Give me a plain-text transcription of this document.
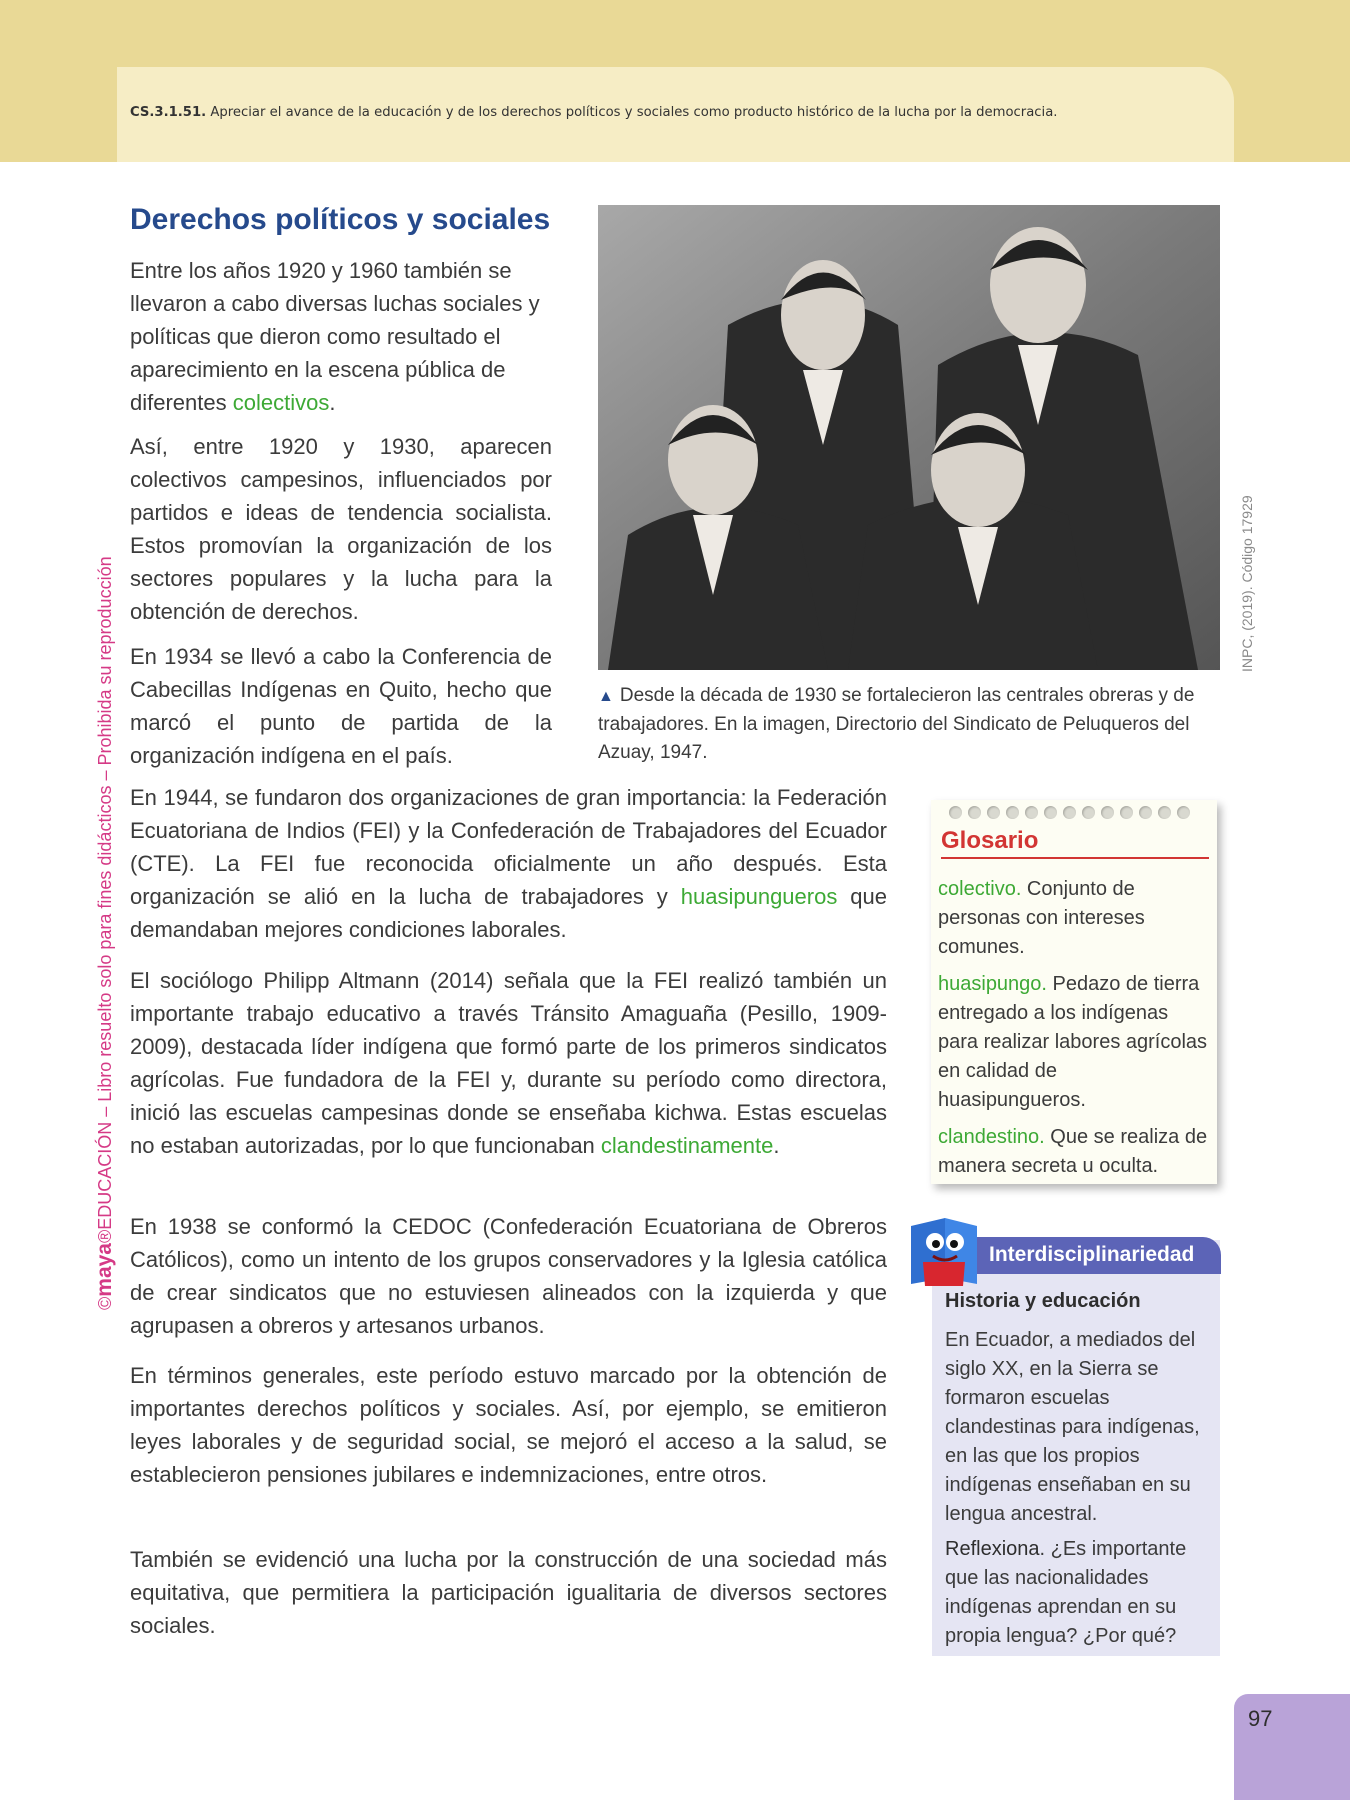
CS.3.1.51. Apreciar el avance de la educación y de los derechos políticos y sociales como producto histórico de la lucha por la democracia.
©maya®EDUCACIÓN – Libro resuelto solo para fines didácticos – Prohibida su reproducción
Derechos políticos y sociales

Entre los años 1920 y 1960 también se llevaron a cabo diversas luchas sociales y políticas que dieron como resultado el aparecimiento en la escena pública de diferentes colectivos.

Así, entre 1920 y 1930, aparecen colectivos campesinos, influenciados por partidos e ideas de tendencia socialista. Estos promovían la organización de los sectores populares y la lucha para la obtención de derechos.

En 1934 se llevó a cabo la Conferencia de Cabecillas Indígenas en Quito, hecho que marcó el punto de partida de la organización indígena en el país.

En 1944, se fundaron dos organizaciones de gran importancia: la Federación Ecuatoriana de Indios (FEI) y la Confederación de Trabajadores del Ecuador (CTE). La FEI fue reconocida oficialmente un año después. Esta organización se alió en la lucha de trabajadores y huasipungueros que demandaban mejores condiciones laborales.

El sociólogo Philipp Altmann (2014) señala que la FEI realizó también un importante trabajo educativo a través Tránsito Amaguaña (Pesillo, 1909-2009), destacada líder indígena que formó parte de los primeros sindicatos agrícolas. Fue fundadora de la FEI y, durante su período como directora, inició las escuelas campesinas donde se enseñaba kichwa. Estas escuelas no estaban autorizadas, por lo que funcionaban clandestinamente.

En 1938 se conformó la CEDOC (Confederación Ecuatoriana de Obreros Católicos), como un intento de los grupos conservadores y la Iglesia católica de crear sindicatos que no estuviesen alineados con la izquierda y que agrupasen a obreros y artesanos urbanos.

En términos generales, este período estuvo marcado por la obtención de importantes derechos políticos y sociales. Así, por ejemplo, se emitieron leyes laborales y de seguridad social, se mejoró el acceso a la salud, se establecieron pensiones jubilares e indemnizaciones, entre otros.

También se evidenció una lucha por la construcción de una sociedad más equitativa, que permitiera la participación igualitaria de diversos sectores sociales.

INPC, (2019). Código 17929

▲ Desde la década de 1930 se fortalecieron las centrales obreras y de trabajadores. En la imagen, Directorio del Sindicato de Peluqueros del Azuay, 1947.

Glosario

colectivo. Conjunto de personas con intereses comunes.

huasipungo. Pedazo de tierra entregado a los indígenas para realizar labores agrícolas en calidad de huasipungueros.

clandestino. Que se realiza de manera secreta u oculta.

Interdisciplinariedad
Historia y educación

En Ecuador, a mediados del siglo XX, en la Sierra se formaron escuelas clandestinas para indígenas, en las que los propios indígenas enseñaban en su lengua ancestral.

Reflexiona. ¿Es importante que las nacionalidades indígenas aprendan en su propia lengua? ¿Por qué?

97
